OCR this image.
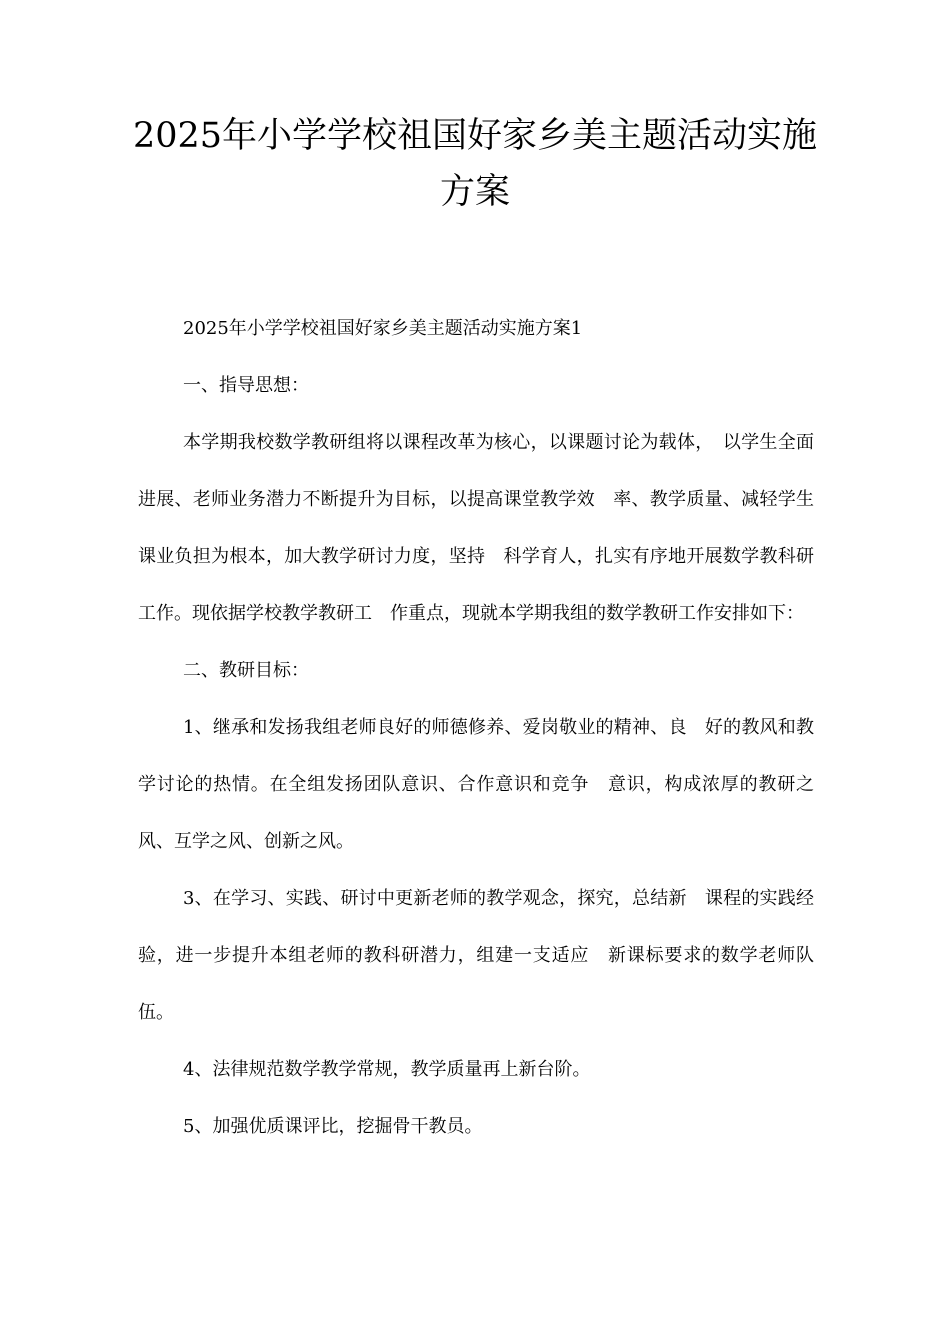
2025年小学学校祖国好家乡美主题活动实施方案

2025年小学学校祖国好家乡美主题活动实施方案1

一、指导思想：

本学期我校数学教研组将以课程改革为核心，以课题讨论为载体，　以学生全面进展、老师业务潜力不断提升为目标，以提高课堂教学效　率、教学质量、减轻学生课业负担为根本，加大教学研讨力度，坚持　科学育人，扎实有序地开展数学教科研工作。现依据学校教学教研工　作重点，现就本学期我组的数学教研工作安排如下：

二、教研目标：

1、继承和发扬我组老师良好的师德修养、爱岗敬业的精神、良　好的教风和教学讨论的热情。在全组发扬团队意识、合作意识和竞争　意识，构成浓厚的教研之风、互学之风、创新之风。

3、在学习、实践、研讨中更新老师的教学观念，探究，总结新　课程的实践经验，进一步提升本组老师的教科研潜力，组建一支适应　新课标要求的数学老师队伍。

4、法律规范数学教学常规，教学质量再上新台阶。

5、加强优质课评比，挖掘骨干教员。
